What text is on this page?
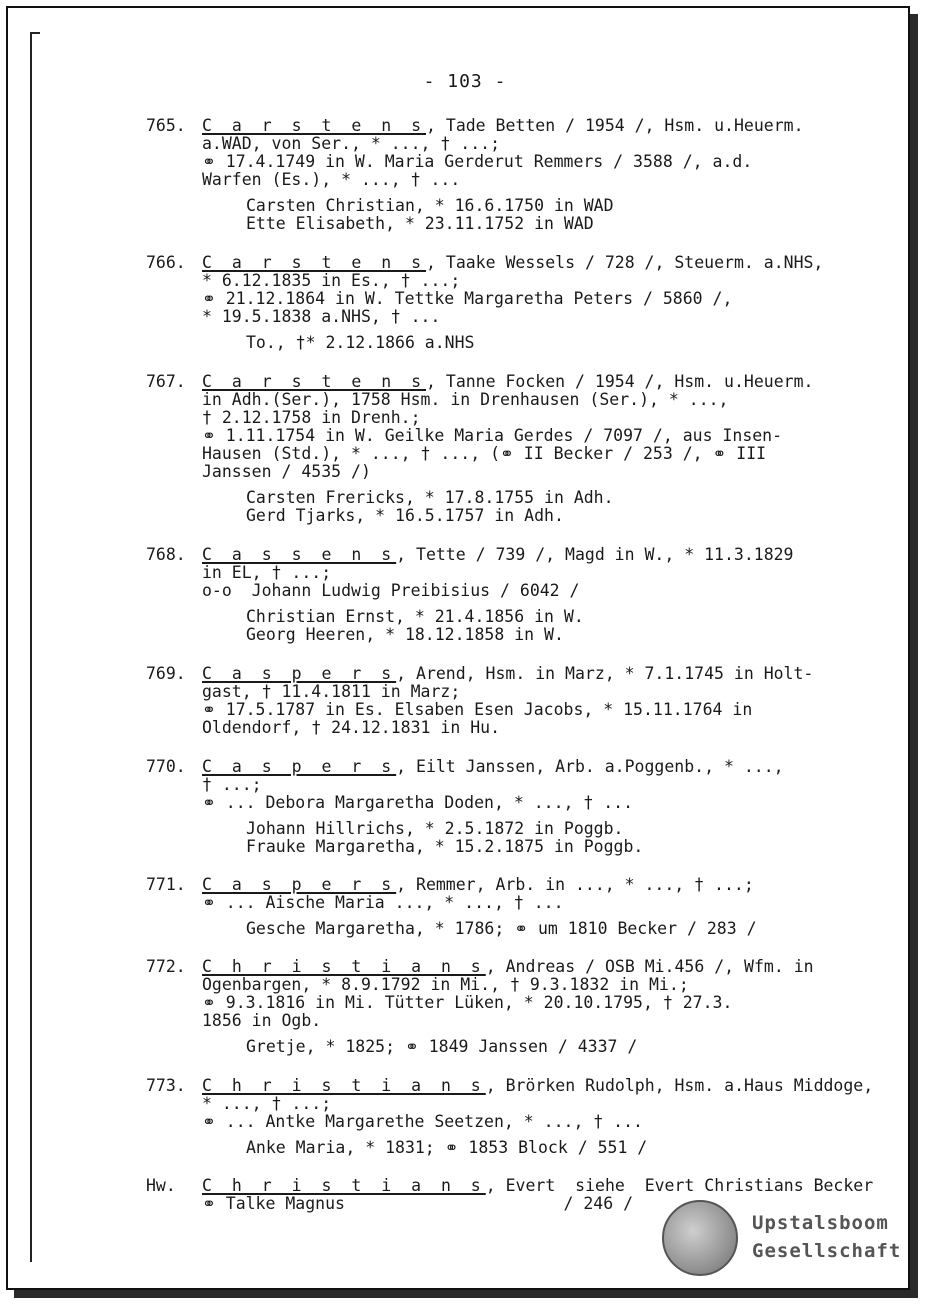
- 103 -
765. C a r s t e n s, Tade Betten / 1954 /, Hsm. u.Heuerm.
a.WAD, von Ser., * ..., † ...;
⚭ 17.4.1749 in W. Maria Gerderut Remmers / 3588 /, a.d.
Warfen (Es.), * ..., † ...
Carsten Christian, * 16.6.1750 in WAD
Ette Elisabeth, * 23.11.1752 in WAD
766. C a r s t e n s, Taake Wessels / 728 /, Steuerm. a.NHS,
* 6.12.1835 in Es., † ...;
⚭ 21.12.1864 in W. Tettke Margaretha Peters / 5860 /,
* 19.5.1838 a.NHS, † ...
To., †* 2.12.1866 a.NHS
767. C a r s t e n s, Tanne Focken / 1954 /, Hsm. u.Heuerm.
in Adh.(Ser.), 1758 Hsm. in Drenhausen (Ser.), * ...,
† 2.12.1758 in Drenh.;
⚭ 1.11.1754 in W. Geilke Maria Gerdes / 7097 /, aus Insen-
Hausen (Std.), * ..., † ..., (⚭ II Becker / 253 /, ⚭ III
Janssen / 4535 /)
Carsten Frericks, * 17.8.1755 in Adh.
Gerd Tjarks, * 16.5.1757 in Adh.
768. C a s s e n s, Tette / 739 /, Magd in W., * 11.3.1829
in EL, † ...;
o-o  Johann Ludwig Preibisius / 6042 /
Christian Ernst, * 21.4.1856 in W.
Georg Heeren, * 18.12.1858 in W.
769. C a s p e r s, Arend, Hsm. in Marz, * 7.1.1745 in Holt-
gast, † 11.4.1811 in Marz;
⚭ 17.5.1787 in Es. Elsaben Esen Jacobs, * 15.11.1764 in
Oldendorf, † 24.12.1831 in Hu.
770. C a s p e r s, Eilt Janssen, Arb. a.Poggenb., * ...,
† ...;
⚭ ... Debora Margaretha Doden, * ..., † ...
Johann Hillrichs, * 2.5.1872 in Poggb.
Frauke Margaretha, * 15.2.1875 in Poggb.
771. C a s p e r s, Remmer, Arb. in ..., * ..., † ...;
⚭ ... Aische Maria ..., * ..., † ...
Gesche Margaretha, * 1786; ⚭ um 1810 Becker / 283 /
772. C h r i s t i a n s, Andreas / OSB Mi.456 /, Wfm. in
Ogenbargen, * 8.9.1792 in Mi., † 9.3.1832 in Mi.;
⚭ 9.3.1816 in Mi. Tütter Lüken, * 20.10.1795, † 27.3.
1856 in Ogb.
Gretje, * 1825; ⚭ 1849 Janssen / 4337 /
773. C h r i s t i a n s, Brörken Rudolph, Hsm. a.Haus Middoge,
* ..., † ...;
⚭ ... Antke Margarethe Seetzen, * ..., † ...
Anke Maria, * 1831; ⚭ 1853 Block / 551 /
Hw. C h r i s t i a n s, Evert  siehe  Evert Christians Becker
⚭ Talke Magnus                      / 246 /
Upstalsboom
Gesellschaft
